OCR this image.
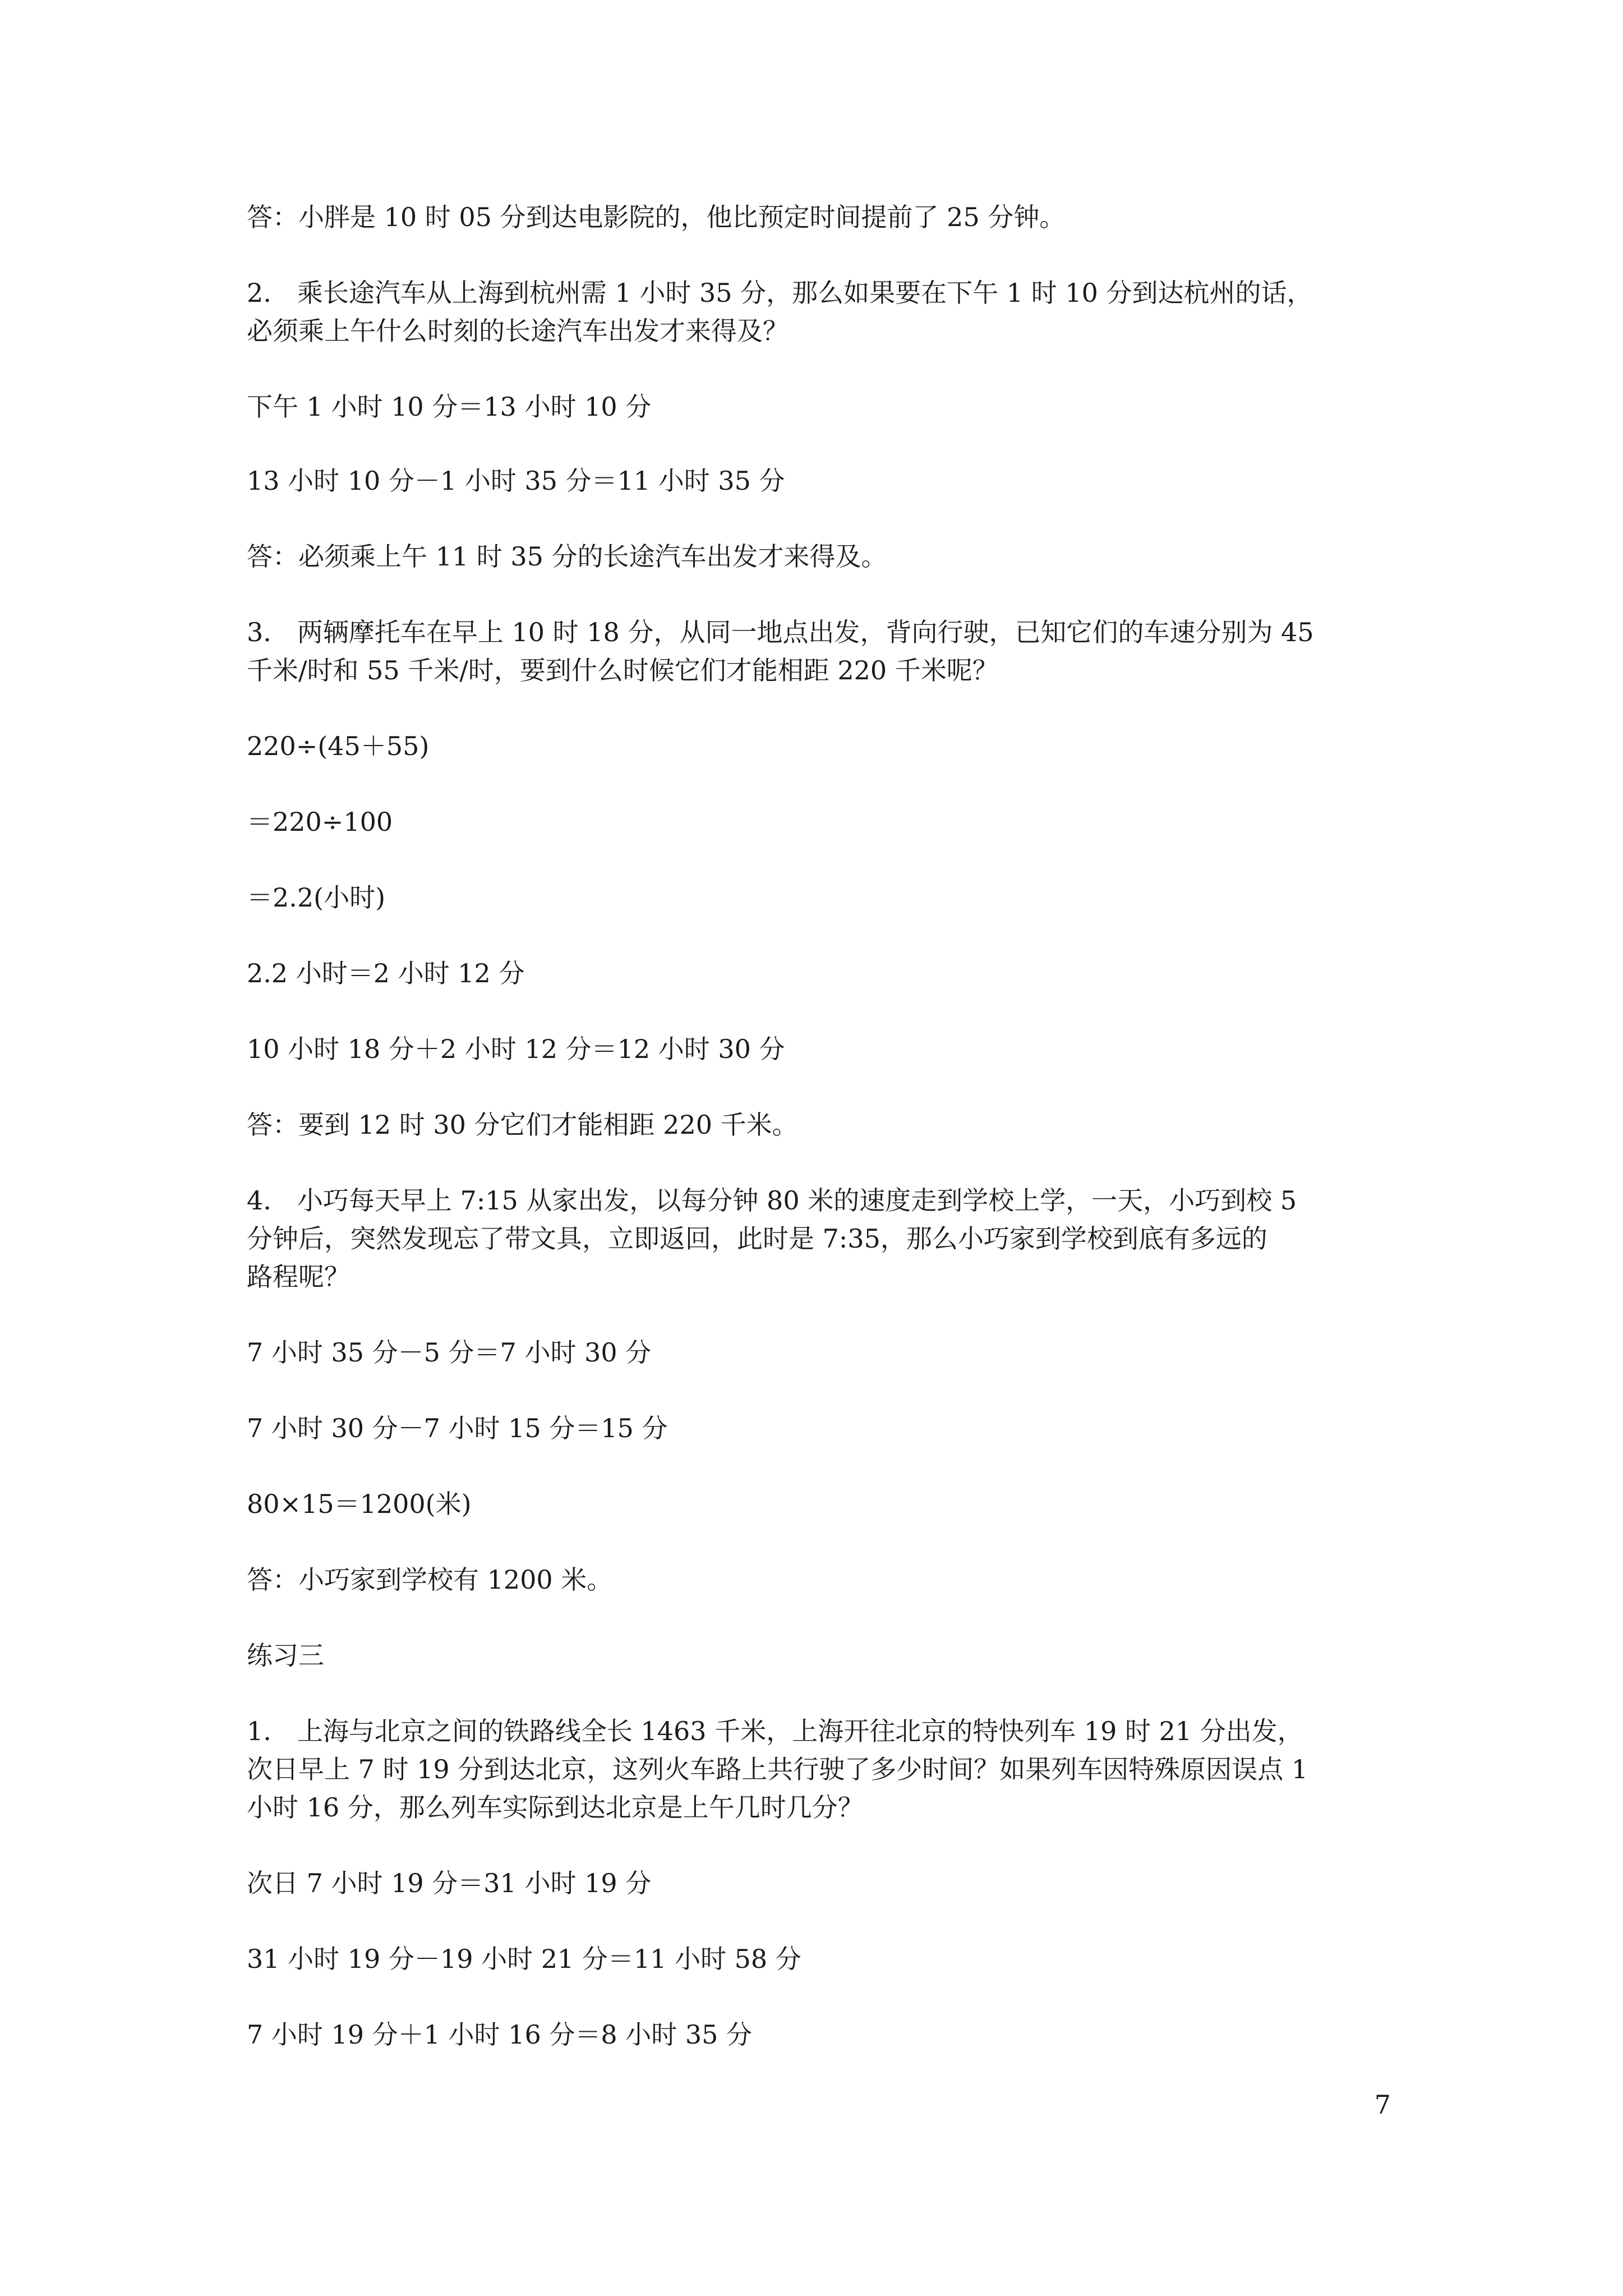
答：小胖是 10 时 05 分到达电影院的，他比预定时间提前了 25 分钟。
2.　乘长途汽车从上海到杭州需 1 小时 35 分，那么如果要在下午 1 时 10 分到达杭州的话，
必须乘上午什么时刻的长途汽车出发才来得及？
下午 1 小时 10 分＝13 小时 10 分
13 小时 10 分－1 小时 35 分＝11 小时 35 分
答：必须乘上午 11 时 35 分的长途汽车出发才来得及。
3.　两辆摩托车在早上 10 时 18 分，从同一地点出发，背向行驶，已知它们的车速分别为 45
千米/时和 55 千米/时，要到什么时候它们才能相距 220 千米呢？
220÷(45＋55)
＝220÷100
＝2.2(小时)
2.2 小时＝2 小时 12 分
10 小时 18 分＋2 小时 12 分＝12 小时 30 分
答：要到 12 时 30 分它们才能相距 220 千米。
4.　小巧每天早上 7:15 从家出发，以每分钟 80 米的速度走到学校上学，一天，小巧到校 5
分钟后，突然发现忘了带文具，立即返回，此时是 7:35，那么小巧家到学校到底有多远的
路程呢？
7 小时 35 分－5 分＝7 小时 30 分
7 小时 30 分－7 小时 15 分＝15 分
80×15＝1200(米)
答：小巧家到学校有 1200 米。
练习三
1.　上海与北京之间的铁路线全长 1463 千米，上海开往北京的特快列车 19 时 21 分出发，
次日早上 7 时 19 分到达北京，这列火车路上共行驶了多少时间？如果列车因特殊原因误点 1
小时 16 分，那么列车实际到达北京是上午几时几分？
次日 7 小时 19 分＝31 小时 19 分
31 小时 19 分－19 小时 21 分＝11 小时 58 分
7 小时 19 分＋1 小时 16 分＝8 小时 35 分
7
